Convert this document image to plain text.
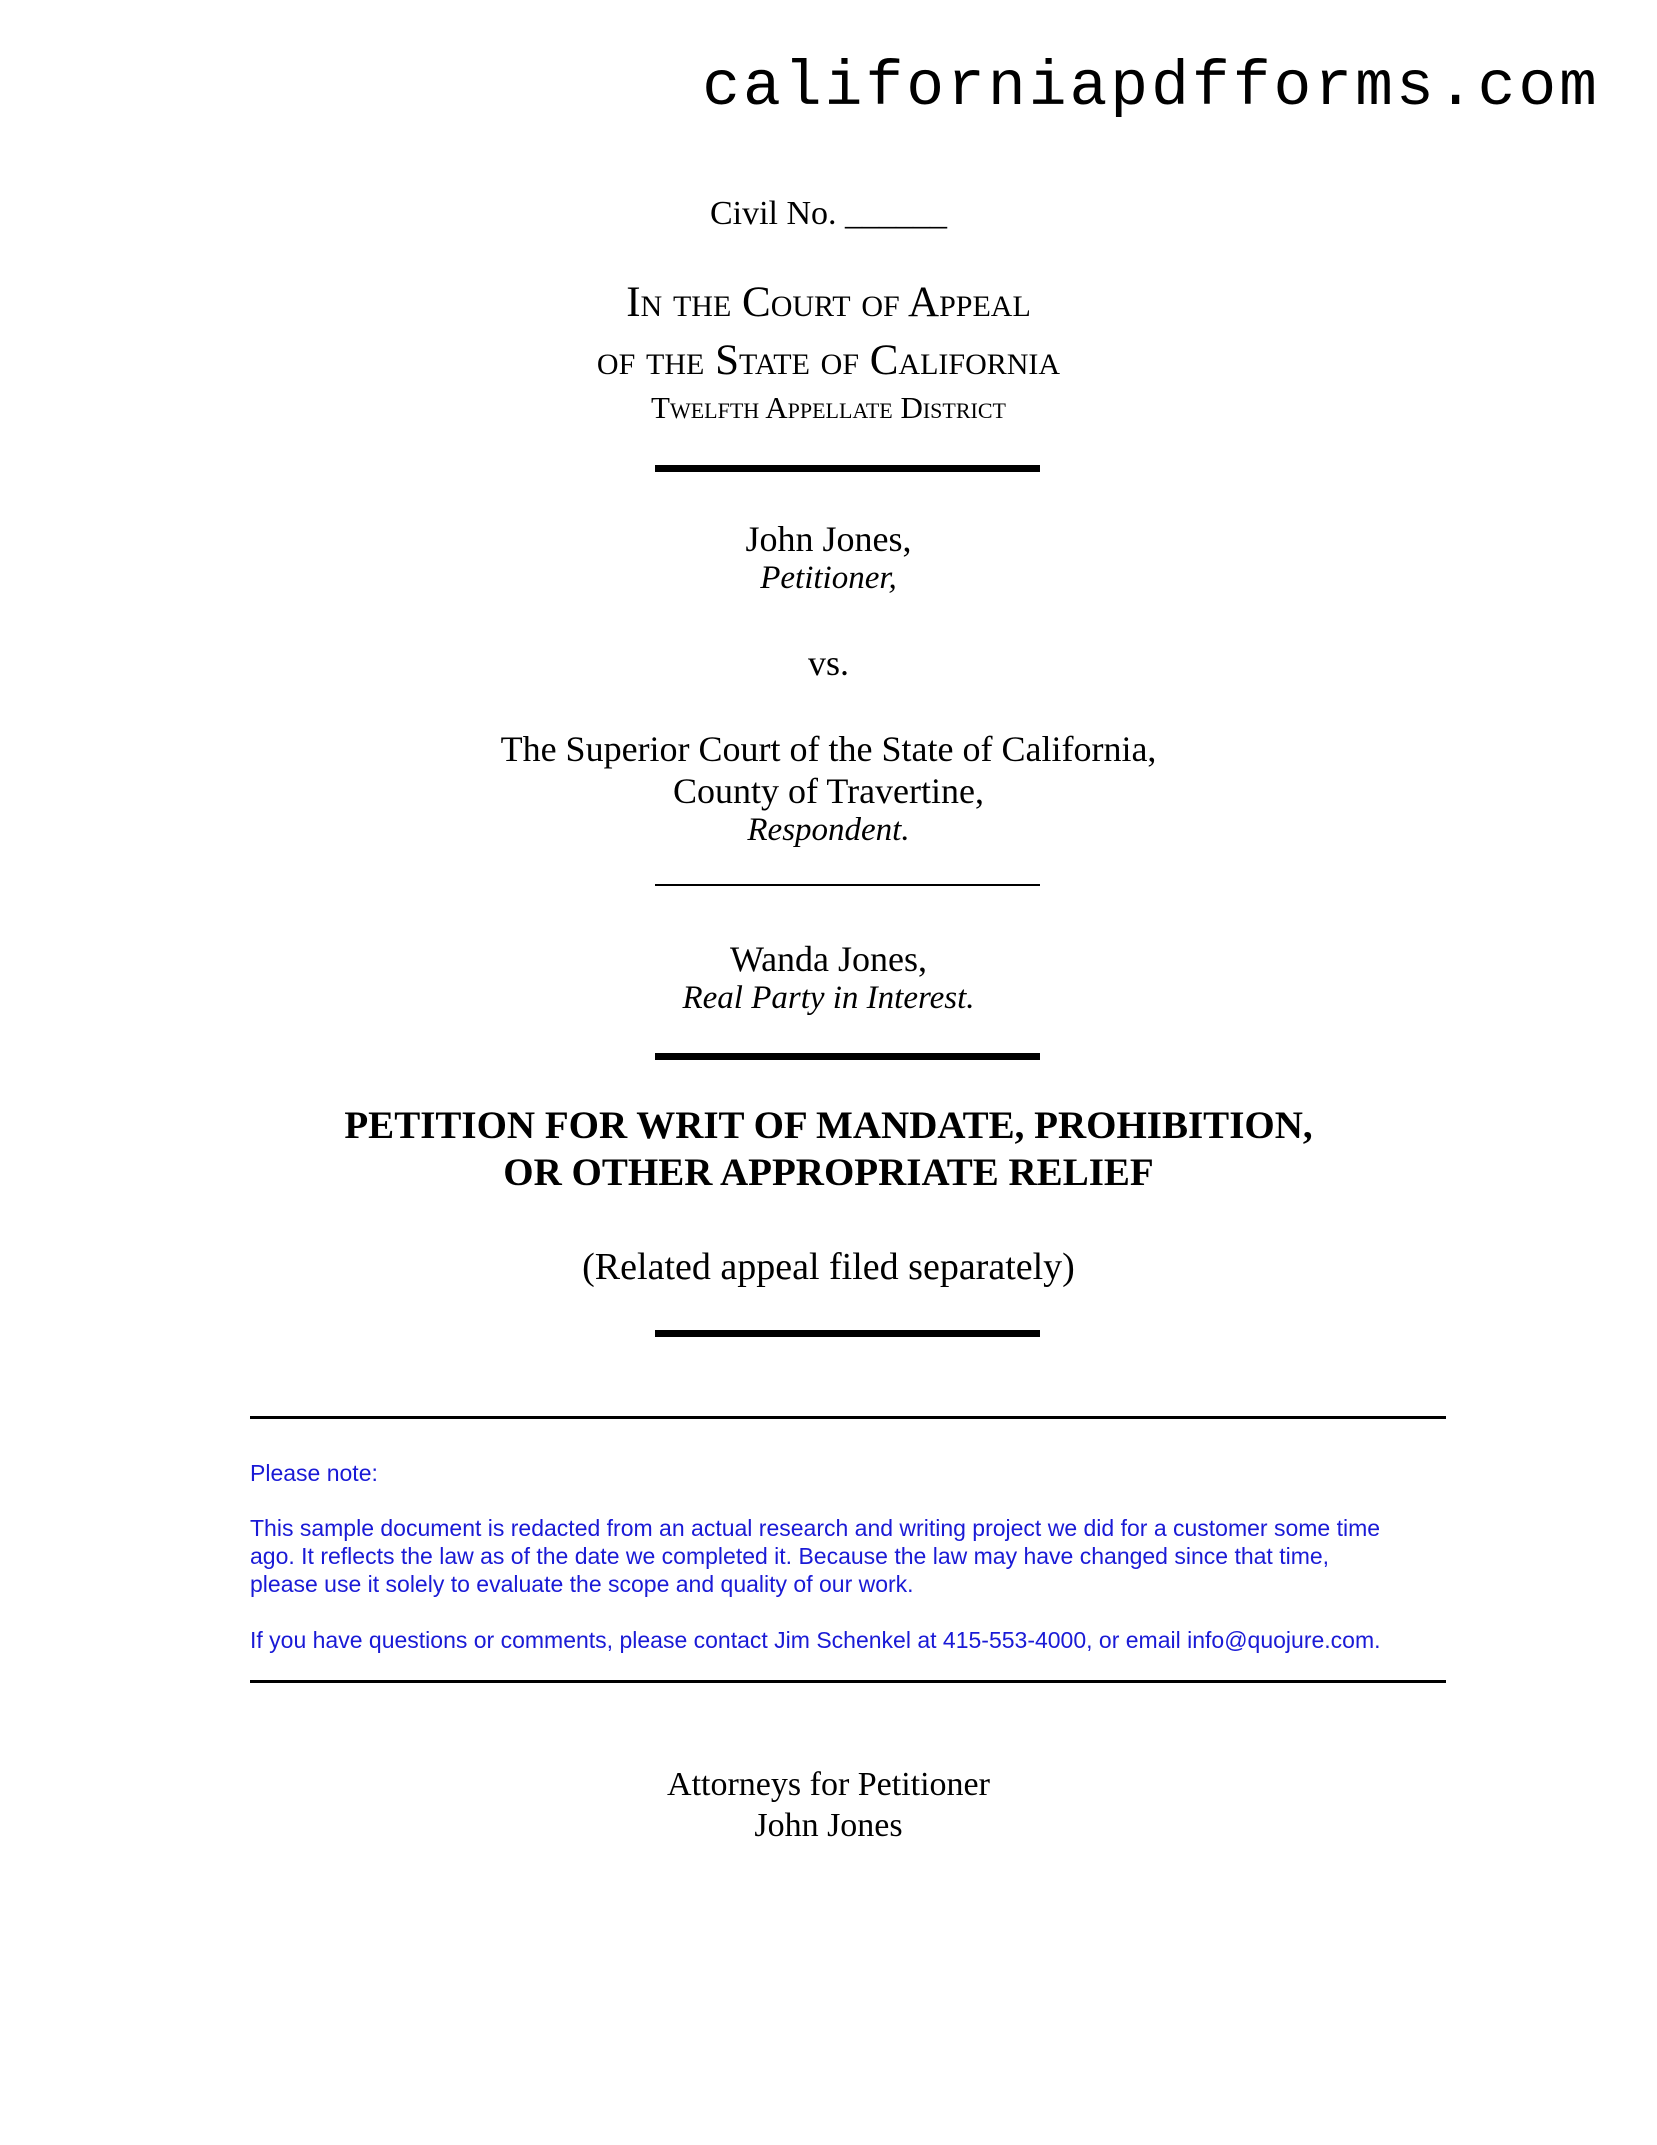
californiapdfforms.com
Civil No. ______
In the Court of Appeal
of the State of California
Twelfth Appellate District
John Jones,
Petitioner,
vs.
The Superior Court of the State of California,
County of Travertine,
Respondent.
Wanda Jones,
Real Party in Interest.
PETITION FOR WRIT OF MANDATE, PROHIBITION,
OR OTHER APPROPRIATE RELIEF
(Related appeal filed separately)
Please note:
This sample document is redacted from an actual research and writing project we did for a customer some time
ago. It reflects the law as of the date we completed it. Because the law may have changed since that time,
please use it solely to evaluate the scope and quality of our work.
If you have questions or comments, please contact Jim Schenkel at 415-553-4000, or email info@quojure.com.
Attorneys for Petitioner
John Jones
